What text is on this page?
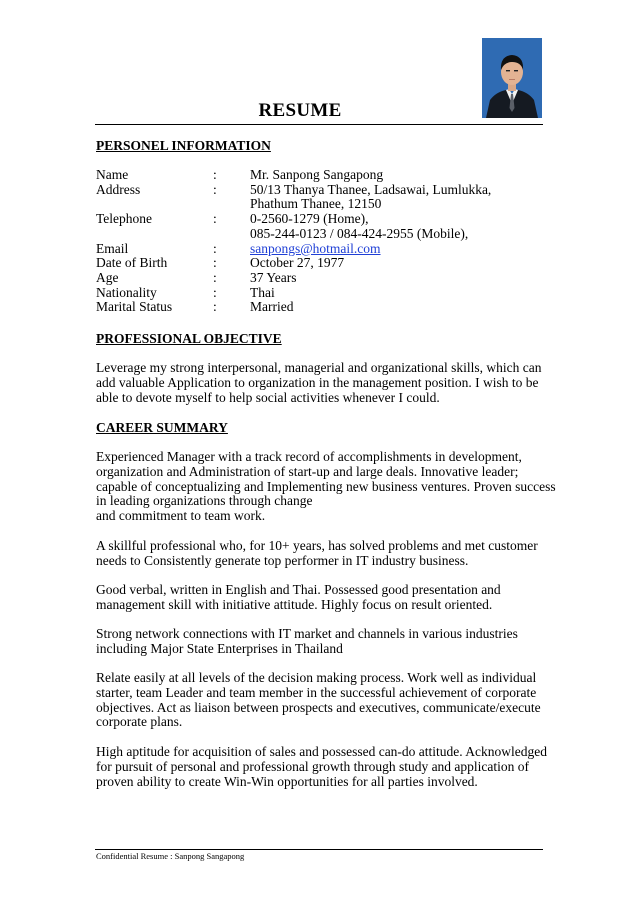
RESUME
PERSONEL INFORMATION
Name	:	Mr. Sanpong Sangapong
Address	:	50/13 Thanya Thanee, Ladsawai, Lumlukka,
Phathum Thanee, 12150
Telephone	:	0-2560-1279 (Home),
085-244-0123 / 084-424-2955 (Mobile),
Email	:	sanpongs@hotmail.com
Date of Birth	:	October 27, 1977
Age	:	37 Years
Nationality	:	Thai
Marital Status	:	Married
PROFESSIONAL OBJECTIVE
Leverage my strong interpersonal, managerial and organizational skills, which can
add valuable Application to organization in the management position. I wish to be
able to devote myself to help social activities whenever I could.
CAREER SUMMARY
Experienced Manager with a track record of accomplishments in development,
organization and Administration of start-up and large deals. Innovative leader;
capable of conceptualizing and Implementing new business ventures. Proven success
in leading organizations through change
and commitment to team work.
A skillful professional who, for 10+ years, has solved problems and met customer
needs to Consistently generate top performer in IT industry business.
Good verbal, written in English and Thai. Possessed good presentation and
management skill with initiative attitude. Highly focus on result oriented.
Strong network connections with IT market and channels in various industries
including Major State Enterprises in Thailand
Relate easily at all levels of the decision making process. Work well as individual
starter, team Leader and team member in the successful achievement of corporate
objectives. Act as liaison between prospects and executives, communicate/execute
corporate plans.
High aptitude for acquisition of sales and possessed can-do attitude. Acknowledged
for pursuit of personal and professional growth through study and application of
proven ability to create Win-Win opportunities for all parties involved.
Confidential Resume : Sanpong Sangapong
